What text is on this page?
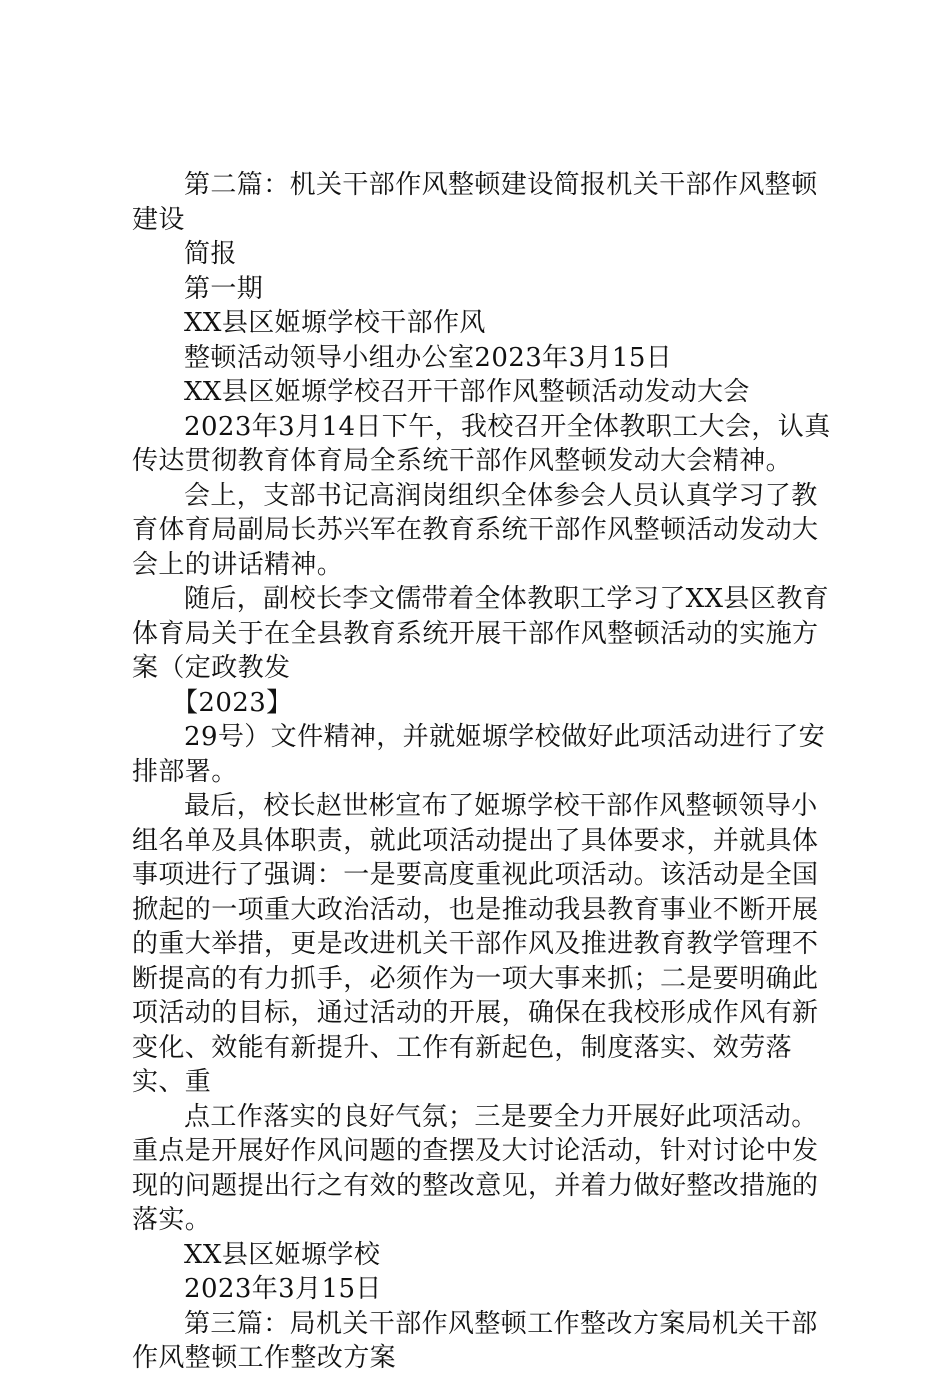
第二篇：机关干部作风整顿建设简报机关干部作风整顿建设

简报

第一期

XX县区姬塬学校干部作风

整顿活动领导小组办公室2023年3月15日

XX县区姬塬学校召开干部作风整顿活动发动大会

2023年3月14日下午，我校召开全体教职工大会，认真传达贯彻教育体育局全系统干部作风整顿发动大会精神。

会上，支部书记高润岗组织全体参会人员认真学习了教育体育局副局长苏兴军在教育系统干部作风整顿活动发动大会上的讲话精神。

随后，副校长李文儒带着全体教职工学习了XX县区教育体育局关于在全县教育系统开展干部作风整顿活动的实施方案（定政教发

【2023】

29号）文件精神，并就姬塬学校做好此项活动进行了安排部署。

最后，校长赵世彬宣布了姬塬学校干部作风整顿领导小组名单及具体职责，就此项活动提出了具体要求，并就具体事项进行了强调：一是要高度重视此项活动。该活动是全国掀起的一项重大政治活动，也是推动我县教育事业不断开展的重大举措，更是改进机关干部作风及推进教育教学管理不断提高的有力抓手，必须作为一项大事来抓；二是要明确此项活动的目标，通过活动的开展，确保在我校形成作风有新变化、效能有新提升、工作有新起色，制度落实、效劳落实、重

点工作落实的良好气氛；三是要全力开展好此项活动。重点是开展好作风问题的查摆及大讨论活动，针对讨论中发现的问题提出行之有效的整改意见，并着力做好整改措施的落实。

XX县区姬塬学校

2023年3月15日

第三篇：局机关干部作风整顿工作整改方案局机关干部作风整顿工作整改方案
